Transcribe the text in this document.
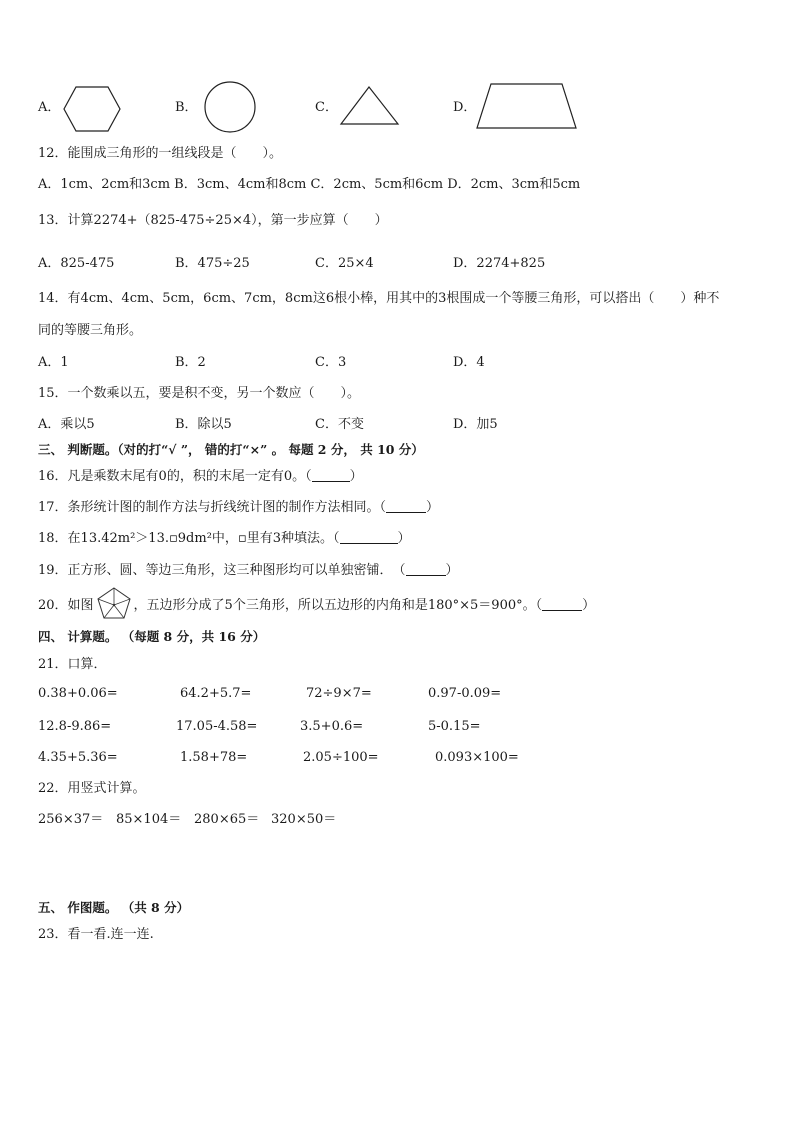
A．	B．	C．	D．
12．能围成三角形的一组线段是（　　）。
A．1cm、2cm和3cm B．3cm、4cm和8cm C．2cm、5cm和6cm D．2cm、3cm和5cm
13．计算2274+（825-475÷25×4），第一步应算（　　）
A．825-475	B．475÷25	C．25×4	D．2274+825
14．有4cm、4cm、5cm，6cm、7cm，8cm这6根小棒，用其中的3根围成一个等腰三角形，可以搭出（　　）种不
同的等腰三角形。
A．1	B．2	C．3	D．4
15．一个数乘以五，要是积不变，另一个数应（　　）。
A．乘以5	B．除以5	C．不变	D．加5
三、 判断题。（对的打“√ ”， 错的打“×” 。 每题 2 分， 共 10 分）
16．凡是乘数末尾有0的，积的末尾一定有0。（	）
17．条形统计图的制作方法与折线统计图的制作方法相同。（	）
18．在13.42m²＞13.▫9dm²中，▫里有3种填法。（	）
19．正方形、圆、等边三角形，这三种图形均可以单独密铺．　（	）
20．如图	，五边形分成了5个三角形，所以五边形的内角和是180°×5＝900°。（	）
四、 计算题。 （每题 8 分，共 16 分）
21．口算．
0.38+0.06=	64.2+5.7=	72÷9×7=	0.97-0.09=
12.8-9.86=	17.05-4.58=	3.5+0.6=	5-0.15=
4.35+5.36=	1.58+78=	2.05÷100=	0.093×100=
22．用竖式计算。
256×37＝ 85×104＝ 280×65＝ 320×50＝
五、 作图题。 （共 8 分）
23．看一看.连一连.
